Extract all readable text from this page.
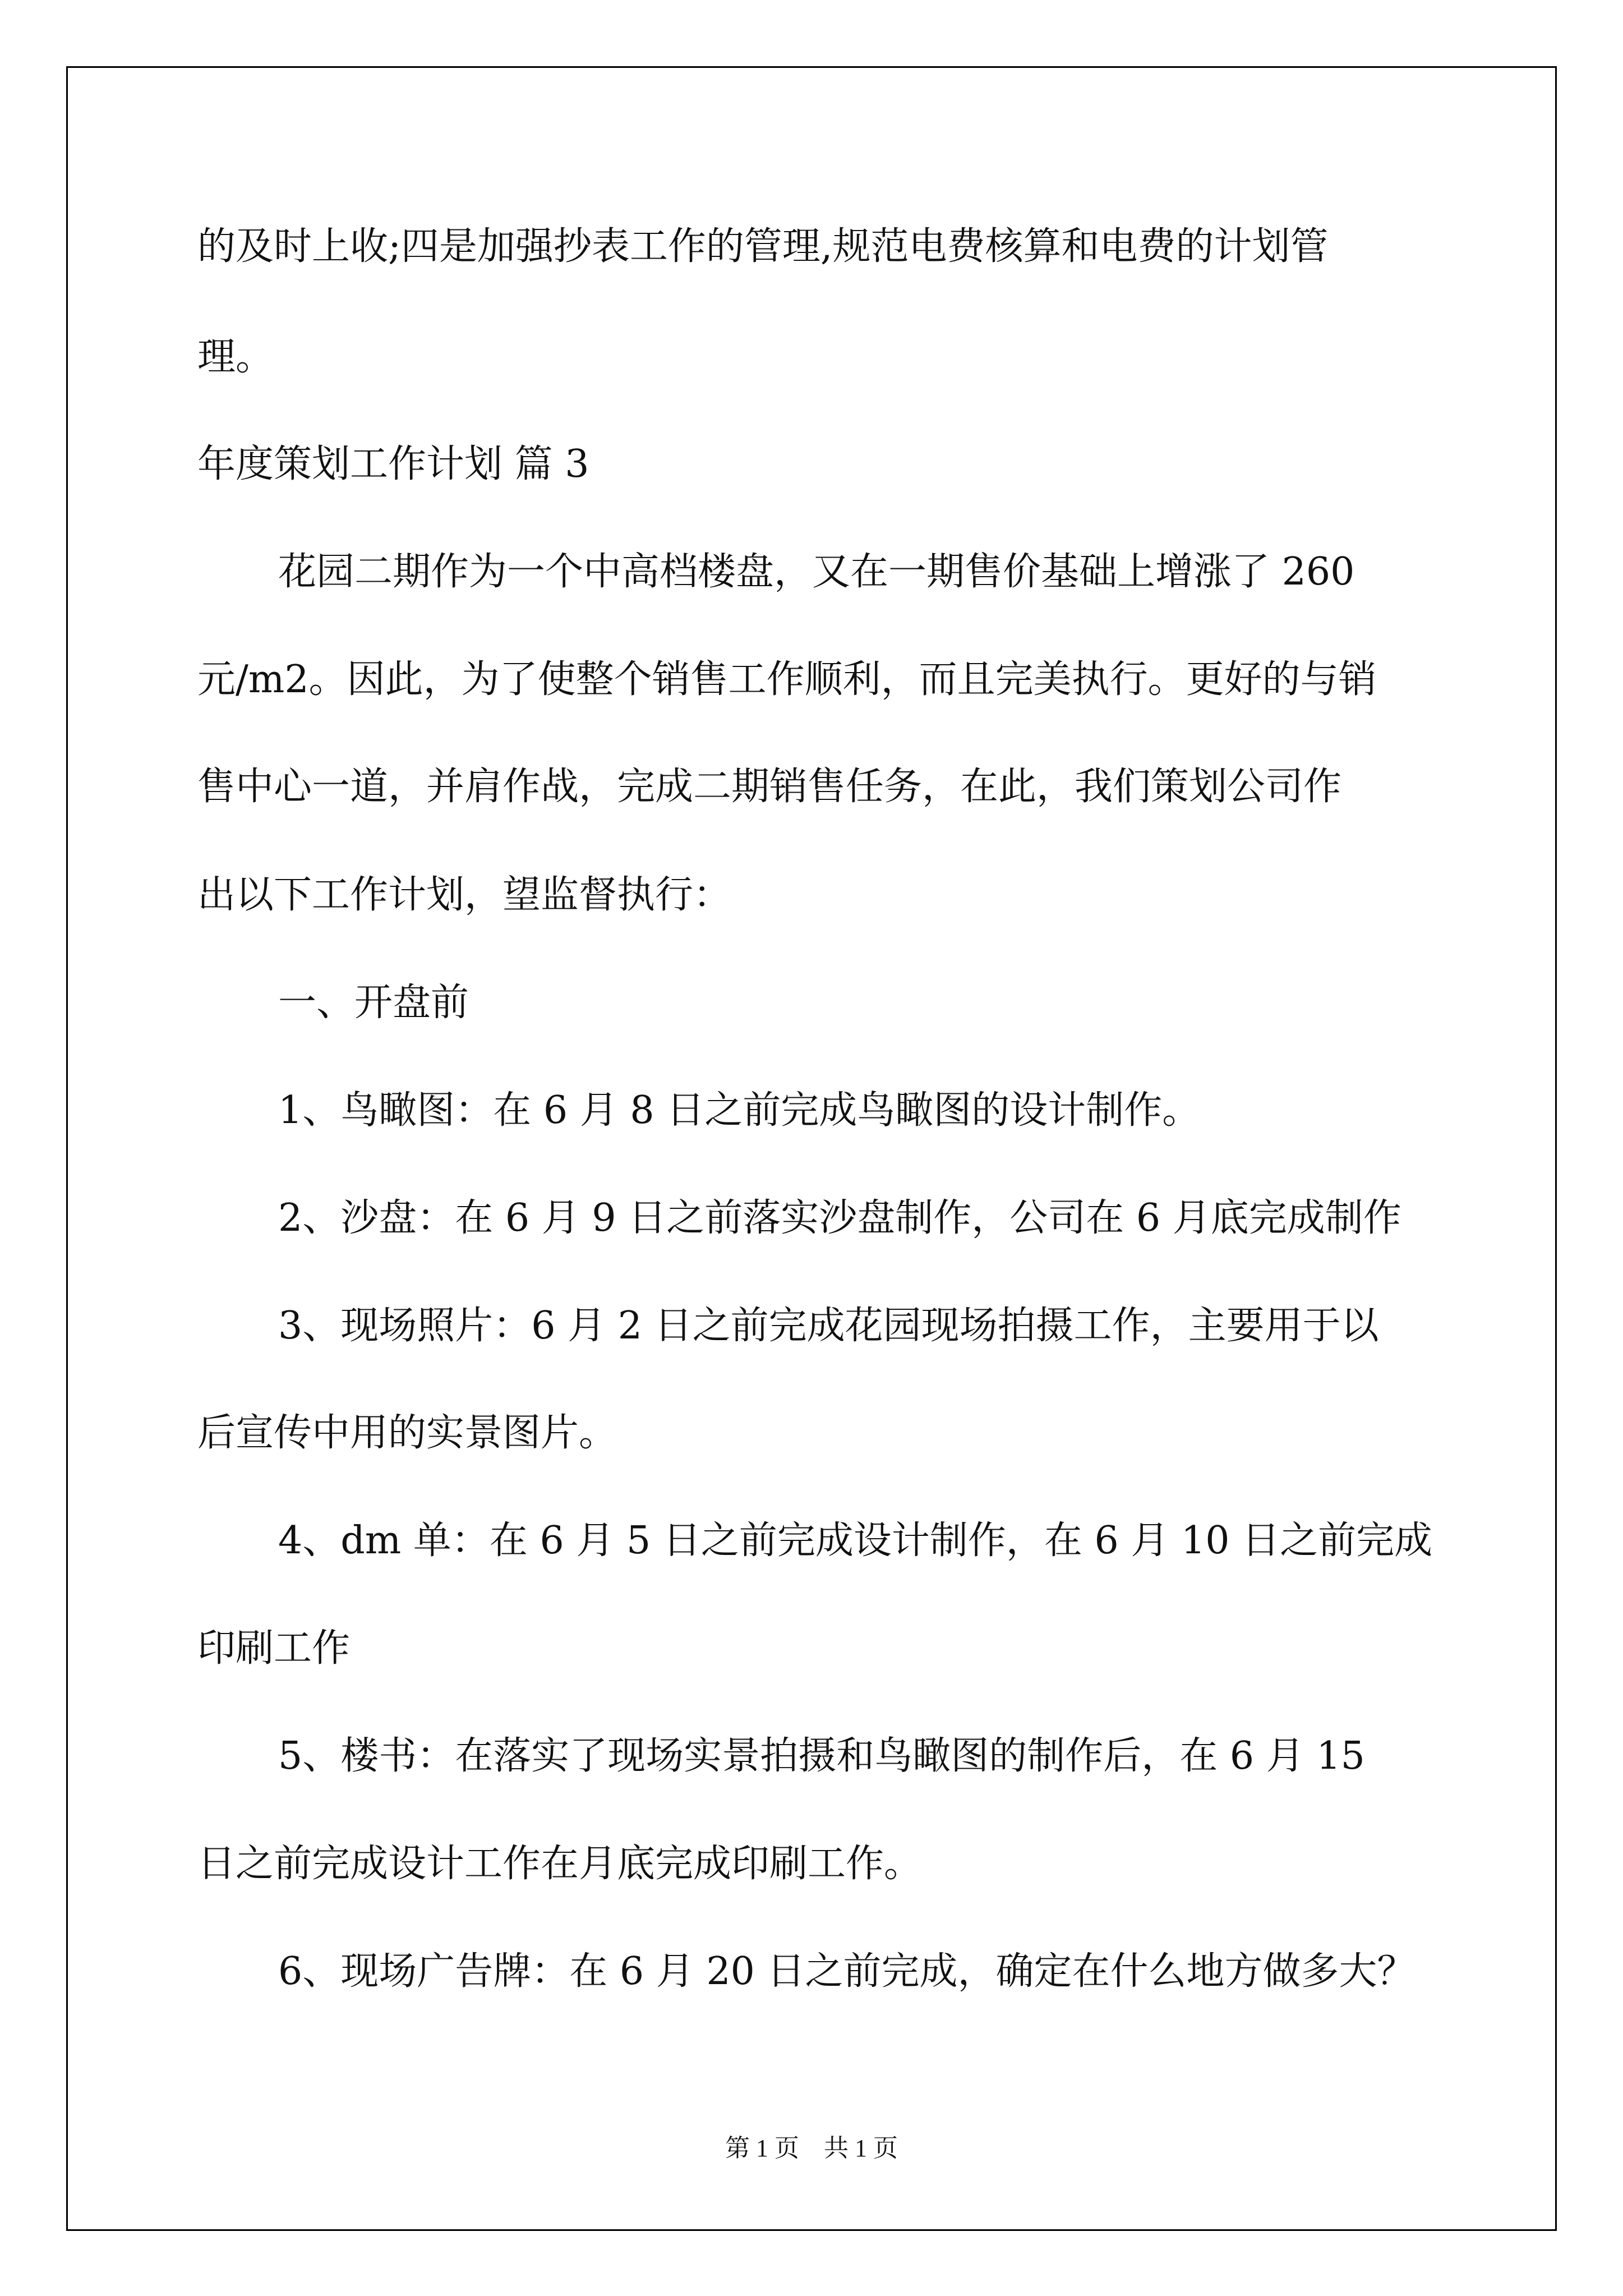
的及时上收;四是加强抄表工作的管理,规范电费核算和电费的计划管

理。

年度策划工作计划 篇 3

花园二期作为一个中高档楼盘，又在一期售价基础上增涨了 260

元/m2。因此，为了使整个销售工作顺利，而且完美执行。更好的与销

售中心一道，并肩作战，完成二期销售任务，在此，我们策划公司作

出以下工作计划，望监督执行：

一、开盘前

1、鸟瞰图：在 6 月 8 日之前完成鸟瞰图的设计制作。

2、沙盘：在 6 月 9 日之前落实沙盘制作，公司在 6 月底完成制作

3、现场照片：6 月 2 日之前完成花园现场拍摄工作，主要用于以

后宣传中用的实景图片。

4、dm 单：在 6 月 5 日之前完成设计制作，在 6 月 10 日之前完成

印刷工作

5、楼书：在落实了现场实景拍摄和鸟瞰图的制作后，在 6 月 15

日之前完成设计工作在月底完成印刷工作。

6、现场广告牌：在 6 月 20 日之前完成，确定在什么地方做多大？

第 1 页    共 1 页
